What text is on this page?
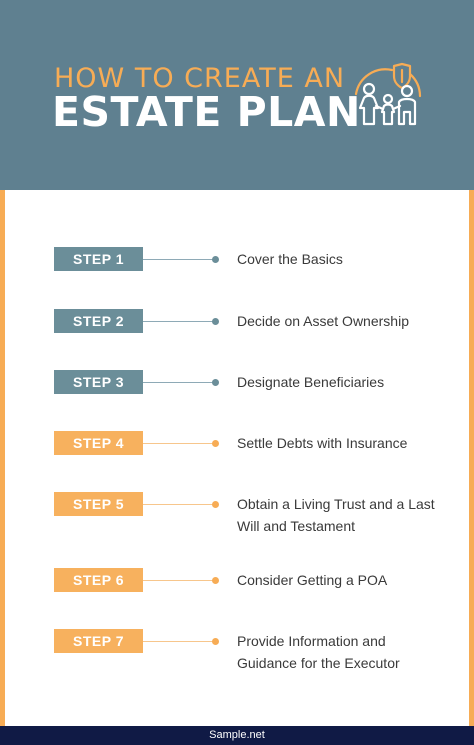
HOW TO CREATE AN
ESTATE PLAN
STEP 1	Cover the Basics
STEP 2	Decide on Asset Ownership
STEP 3	Designate Beneficiaries
STEP 4	Settle Debts with Insurance
STEP 5	Obtain a Living Trust and a Last Will and Testament
STEP 6	Consider Getting a POA
STEP 7	Provide Information and Guidance for the Executor
Sample.net
